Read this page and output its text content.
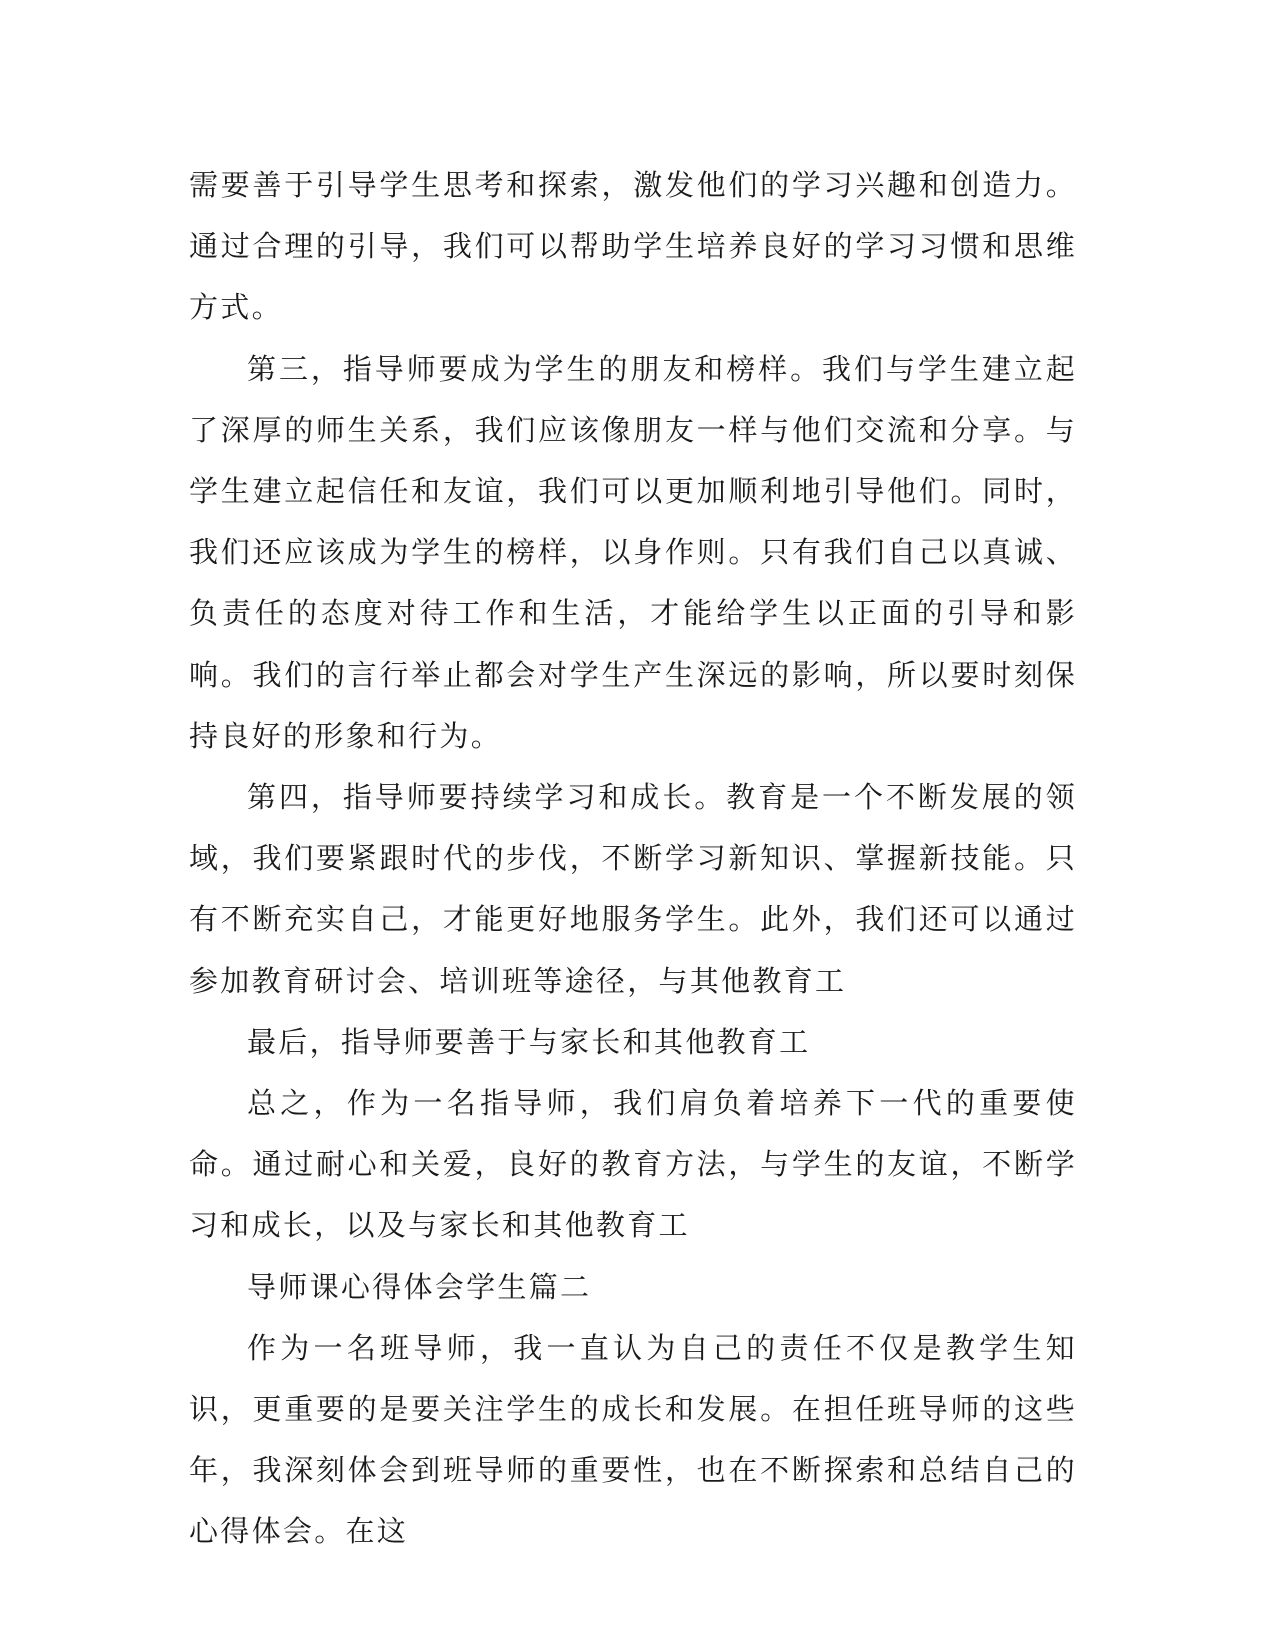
需要善于引导学生思考和探索，激发他们的学习兴趣和创造力。通过合理的引导，我们可以帮助学生培养良好的学习习惯和思维方式。

第三，指导师要成为学生的朋友和榜样。我们与学生建立起了深厚的师生关系，我们应该像朋友一样与他们交流和分享。与学生建立起信任和友谊，我们可以更加顺利地引导他们。同时，我们还应该成为学生的榜样，以身作则。只有我们自己以真诚、负责任的态度对待工作和生活，才能给学生以正面的引导和影响。我们的言行举止都会对学生产生深远的影响，所以要时刻保持良好的形象和行为。

第四，指导师要持续学习和成长。教育是一个不断发展的领域，我们要紧跟时代的步伐，不断学习新知识、掌握新技能。只有不断充实自己，才能更好地服务学生。此外，我们还可以通过参加教育研讨会、培训班等途径，与其他教育工

最后，指导师要善于与家长和其他教育工

总之，作为一名指导师，我们肩负着培养下一代的重要使命。通过耐心和关爱，良好的教育方法，与学生的友谊，不断学习和成长，以及与家长和其他教育工

导师课心得体会学生篇二

作为一名班导师，我一直认为自己的责任不仅是教学生知识，更重要的是要关注学生的成长和发展。在担任班导师的这些年，我深刻体会到班导师的重要性，也在不断探索和总结自己的心得体会。在这
